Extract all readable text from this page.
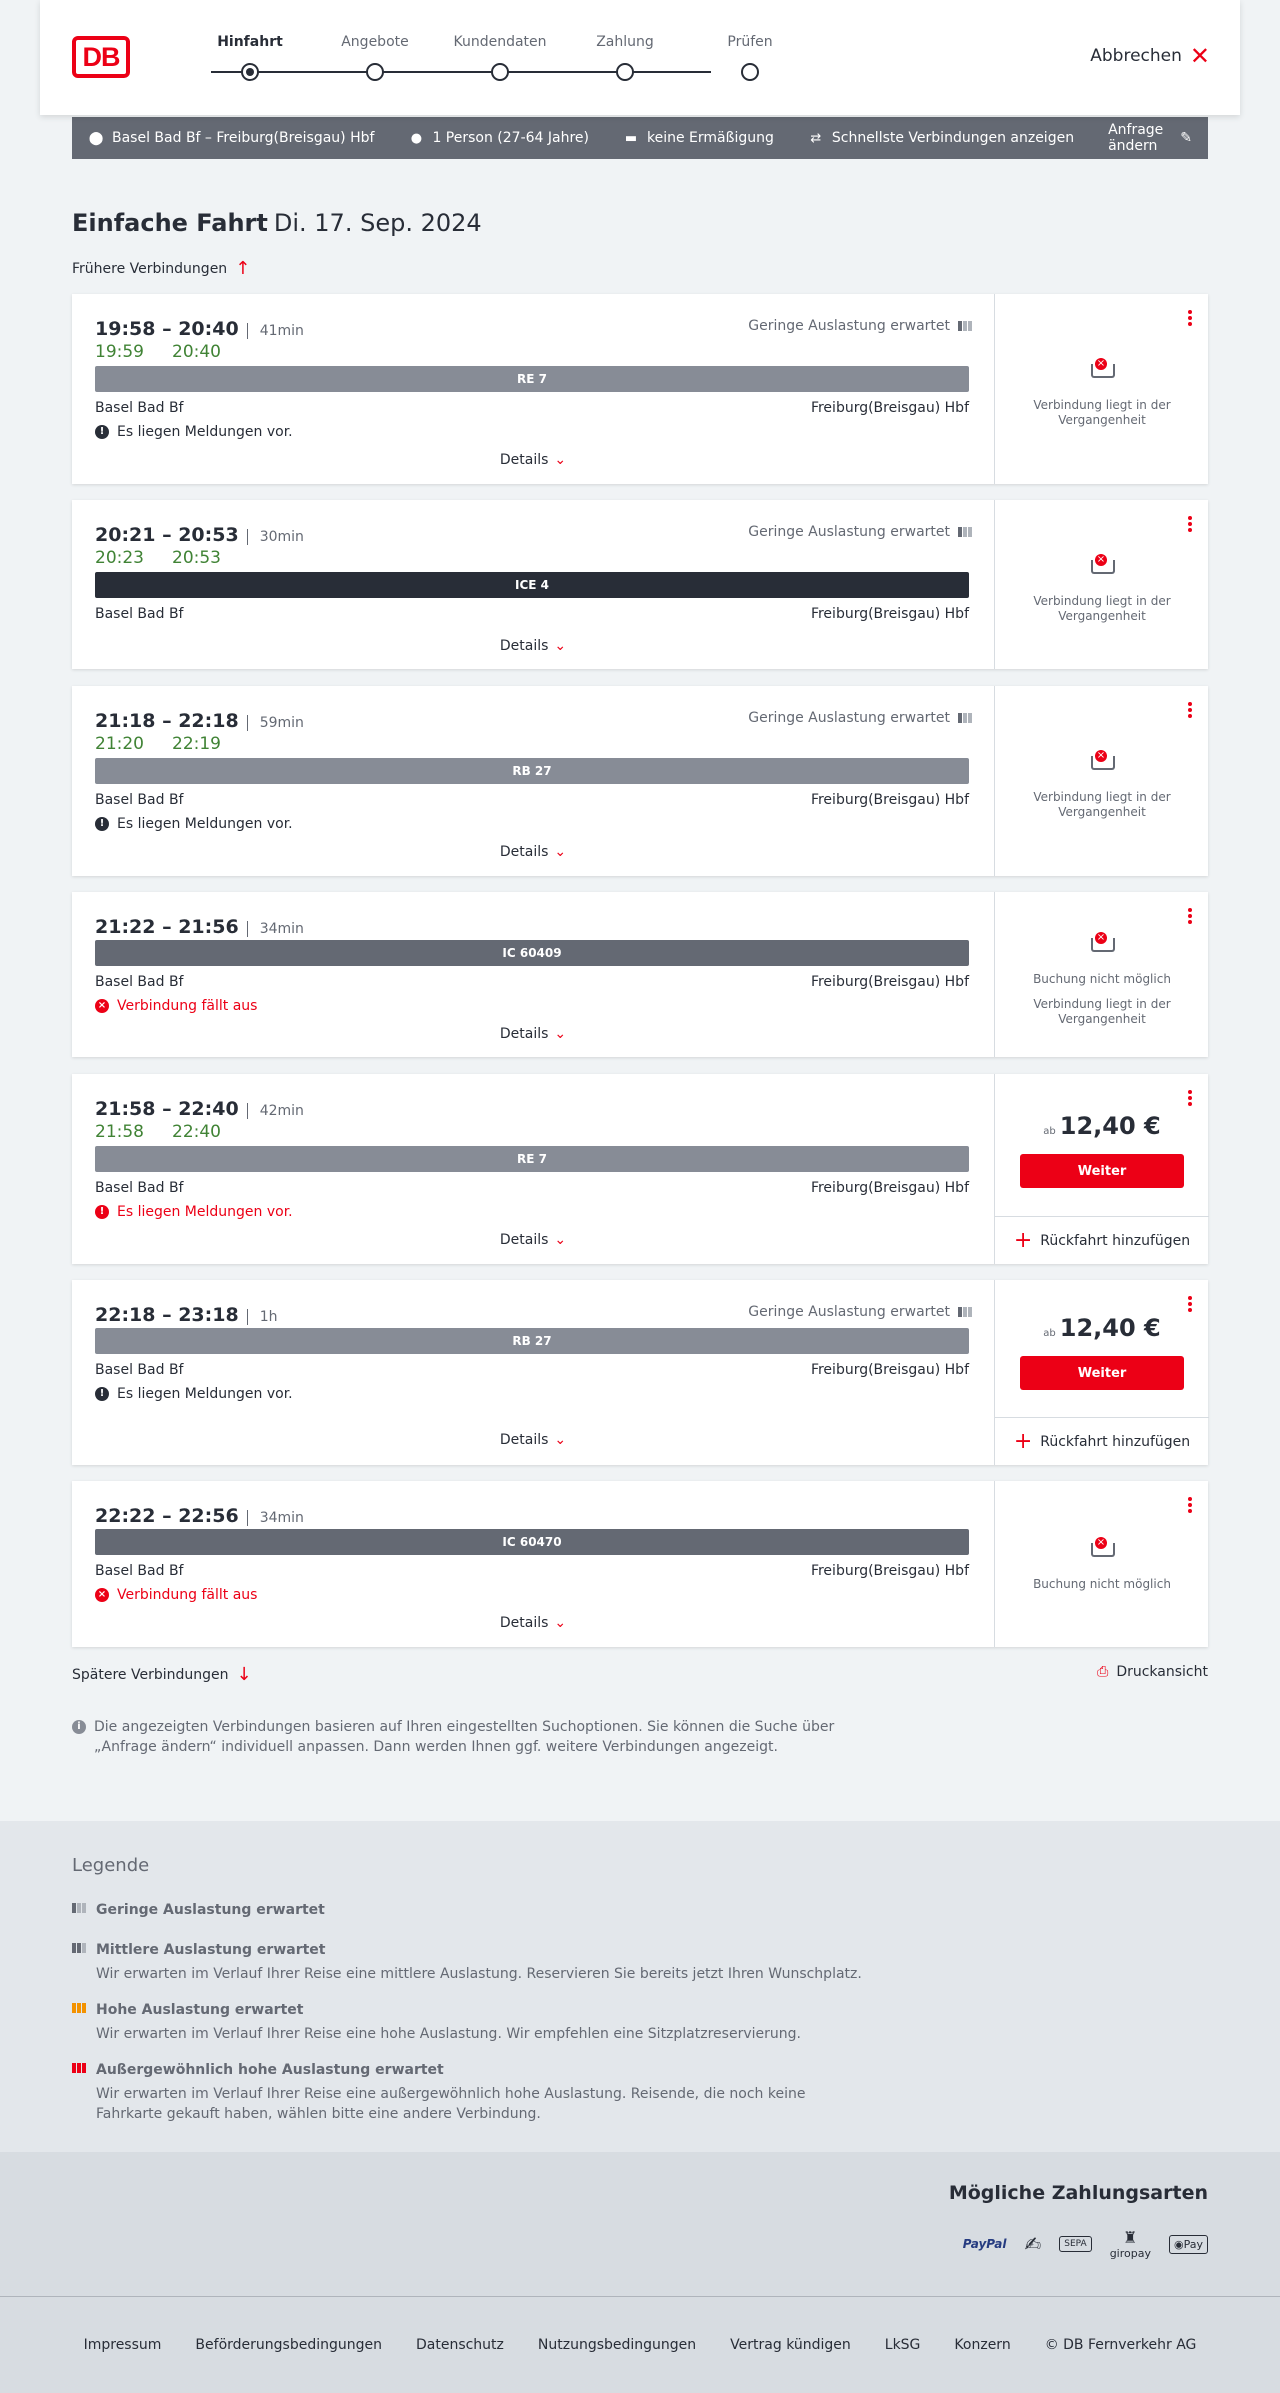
DB	Hinfahrt	Angebote	Kundendaten	Zahlung	Prüfen
Abbrechen ✕
⬤ Basel Bad Bf – Freiburg(Breisgau) Hbf	● 1 Person (27-64 Jahre)	▬ keine Ermäßigung	⇄ Schnellste Verbindungen anzeigen Anfrage ändern	✎
Einfache Fahrt Di. 17. Sep. 2024
Frühere Verbindungen ↑
19:58 – 20:40 41min
19:59 20:40
Geringe Auslastung erwartet
RE 7
Basel Bad Bf	Freiburg(Breisgau) Hbf
! Es liegen Meldungen vor.
Details ⌄
×
Verbindung liegt in der Vergangenheit
20:21 – 20:53 30min
20:23 20:53
Geringe Auslastung erwartet
ICE 4
Basel Bad Bf	Freiburg(Breisgau) Hbf
Details ⌄
×
Verbindung liegt in der Vergangenheit
21:18 – 22:18 59min
21:20 22:19
Geringe Auslastung erwartet
RB 27
Basel Bad Bf	Freiburg(Breisgau) Hbf
! Es liegen Meldungen vor.
Details ⌄
×
Verbindung liegt in der Vergangenheit
21:22 – 21:56 34min
IC 60409
Basel Bad Bf	Freiburg(Breisgau) Hbf
× Verbindung fällt aus
Details ⌄
×
Buchung nicht möglich
Verbindung liegt in der Vergangenheit
21:58 – 22:40 42min
21:58 22:40
RE 7
Basel Bad Bf	Freiburg(Breisgau) Hbf
! Es liegen Meldungen vor.
Details ⌄
ab 12,40 €
Weiter
+ Rückfahrt hinzufügen
22:18 – 23:18 1h	Geringe Auslastung erwartet
RB 27
Basel Bad Bf	Freiburg(Breisgau) Hbf
! Es liegen Meldungen vor.
Details ⌄
ab 12,40 €
Weiter
+ Rückfahrt hinzufügen
22:22 – 22:56 34min
IC 60470
Basel Bad Bf	Freiburg(Breisgau) Hbf
× Verbindung fällt aus
Details ⌄
×
Buchung nicht möglich
Spätere Verbindungen ↓	⎙ Druckansicht
i Die angezeigten Verbindungen basieren auf Ihren eingestellten Suchoptionen. Sie können die Suche über „Anfrage ändern“ individuell anpassen. Dann werden Ihnen ggf. weitere Verbindungen angezeigt.
Legende
Geringe Auslastung erwartet
Mittlere Auslastung erwartet
Wir erwarten im Verlauf Ihrer Reise eine mittlere Auslastung. Reservieren Sie bereits jetzt Ihren Wunschplatz.
Hohe Auslastung erwartet
Wir erwarten im Verlauf Ihrer Reise eine hohe Auslastung. Wir empfehlen eine Sitzplatzreservierung.
Außergewöhnlich hohe Auslastung erwartet
Wir erwarten im Verlauf Ihrer Reise eine außergewöhnlich hohe Auslastung. Reisende, die noch keine Fahrkarte gekauft haben, wählen bitte eine andere Verbindung.
Mögliche Zahlungsarten
PayPal ✍	SEPA	♜
giropay
◉Pay
Impressum Beförderungsbedingungen Datenschutz Nutzungsbedingungen Vertrag kündigen LkSG Konzern © DB Fernverkehr AG
